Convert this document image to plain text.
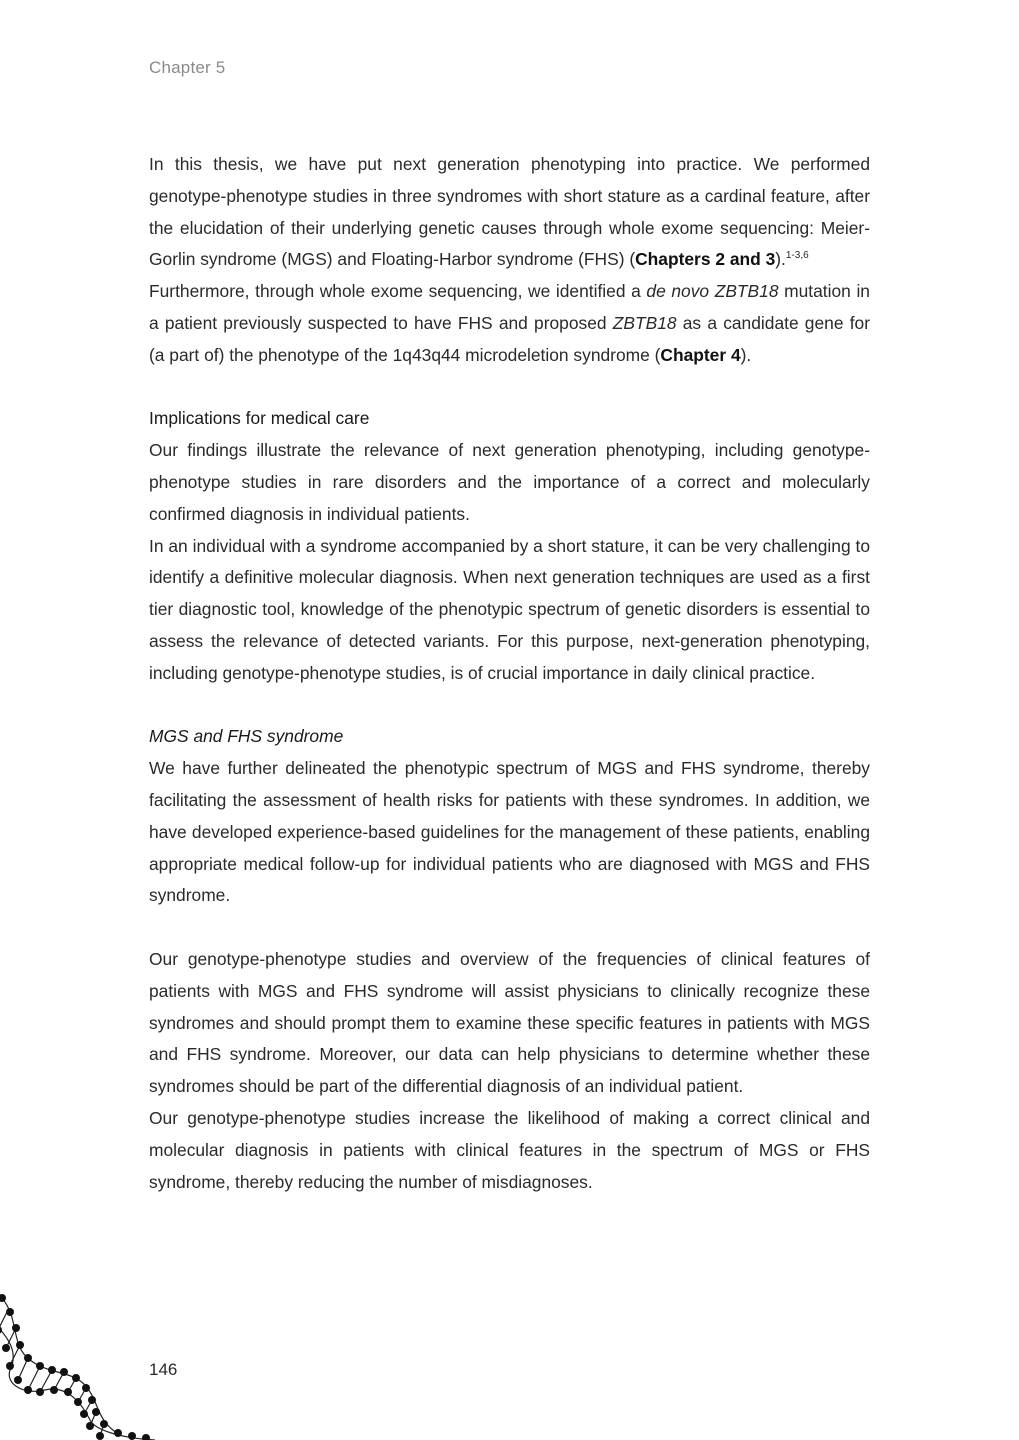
Chapter 5

In this thesis, we have put next generation phenotyping into practice. We performed genotype-phenotype studies in three syndromes with short stature as a cardinal feature, after the elucidation of their underlying genetic causes through whole exome sequencing: Meier-Gorlin syndrome (MGS) and Floating-Harbor syndrome (FHS) (Chapters 2 and 3).$^{1-3,6}$

Furthermore, through whole exome sequencing, we identified a de novo ZBTB18 mutation in a patient previously suspected to have FHS and proposed ZBTB18 as a candidate gene for (a part of) the phenotype of the 1q43q44 microdeletion syndrome (Chapter 4).

Implications for medical care

Our findings illustrate the relevance of next generation phenotyping, including genotype-phenotype studies in rare disorders and the importance of a correct and molecularly confirmed diagnosis in individual patients.

In an individual with a syndrome accompanied by a short stature, it can be very challenging to identify a definitive molecular diagnosis. When next generation techniques are used as a first tier diagnostic tool, knowledge of the phenotypic spectrum of genetic disorders is essential to assess the relevance of detected variants. For this purpose, next-generation phenotyping, including genotype-phenotype studies, is of crucial importance in daily clinical practice.

MGS and FHS syndrome

We have further delineated the phenotypic spectrum of MGS and FHS syndrome, thereby facilitating the assessment of health risks for patients with these syndromes. In addition, we have developed experience-based guidelines for the management of these patients, enabling appropriate medical follow-up for individual patients who are diagnosed with MGS and FHS syndrome.

Our genotype-phenotype studies and overview of the frequencies of clinical features of patients with MGS and FHS syndrome will assist physicians to clinically recognize these syndromes and should prompt them to examine these specific features in patients with MGS and FHS syndrome. Moreover, our data can help physicians to determine whether these syndromes should be part of the differential diagnosis of an individual patient.

Our genotype-phenotype studies increase the likelihood of making a correct clinical and molecular diagnosis in patients with clinical features in the spectrum of MGS or FHS syndrome, thereby reducing the number of misdiagnoses.

146
